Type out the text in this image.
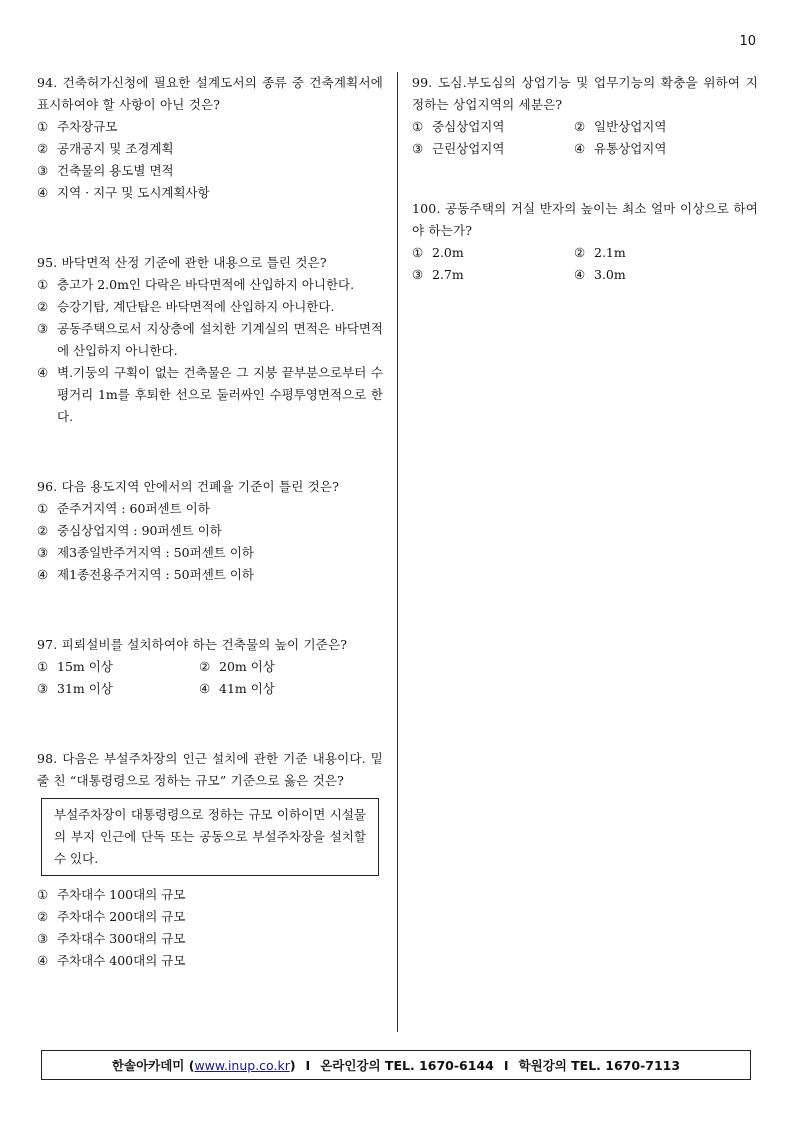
10
94. 건축허가신청에 필요한 설계도서의 종류 중 건축계획서에 표시하여야 할 사항이 아닌 것은?
① 주차장규모
② 공개공지 및 조경계획
③ 건축물의 용도별 면적
④ 지역 · 지구 및 도시계획사항
95. 바닥면적 산정 기준에 관한 내용으로 틀린 것은?
① 층고가 2.0m인 다락은 바닥면적에 산입하지 아니한다.
② 승강기탑, 계단탑은 바닥면적에 산입하지 아니한다.
③ 공동주택으로서 지상층에 설치한 기계실의 면적은 바닥면적에 산입하지 아니한다.
④ 벽.기둥의 구획이 없는 건축물은 그 지붕 끝부분으로부터 수평거리 1m를 후퇴한 선으로 둘러싸인 수평투영면적으로 한다.
96. 다음 용도지역 안에서의 건폐율 기준이 틀린 것은?
① 준주거지역 : 60퍼센트 이하
② 중심상업지역 : 90퍼센트 이하
③ 제3종일반주거지역 : 50퍼센트 이하
④ 제1종전용주거지역 : 50퍼센트 이하
97. 피뢰설비를 설치하여야 하는 건축물의 높이 기준은?
① 15m 이상	② 20m 이상
③ 31m 이상	④ 41m 이상
98. 다음은 부설주차장의 인근 설치에 관한 기준 내용이다. 밑줄 친 “대통령령으로 정하는 규모” 기준으로 옳은 것은?
부설주차장이 대통령령으로 정하는 규모 이하이면 시설물의 부지 인근에 단독 또는 공동으로 부설주차장을 설치할 수 있다.
① 주차대수 100대의 규모
② 주차대수 200대의 규모
③ 주차대수 300대의 규모
④ 주차대수 400대의 규모
99. 도심.부도심의 상업기능 및 업무기능의 확충을 위하여 지정하는 상업지역의 세분은?
① 중심상업지역	② 일반상업지역
③ 근린상업지역	④ 유통상업지역
100. 공동주택의 거실 반자의 높이는 최소 얼마 이상으로 하여야 하는가?
① 2.0m	② 2.1m
③ 2.7m	④ 3.0m
한솔아카데미 ( www.inup.co.kr ) I 온라인강의 TEL. 1670-6144 I 학원강의 TEL. 1670-7113
